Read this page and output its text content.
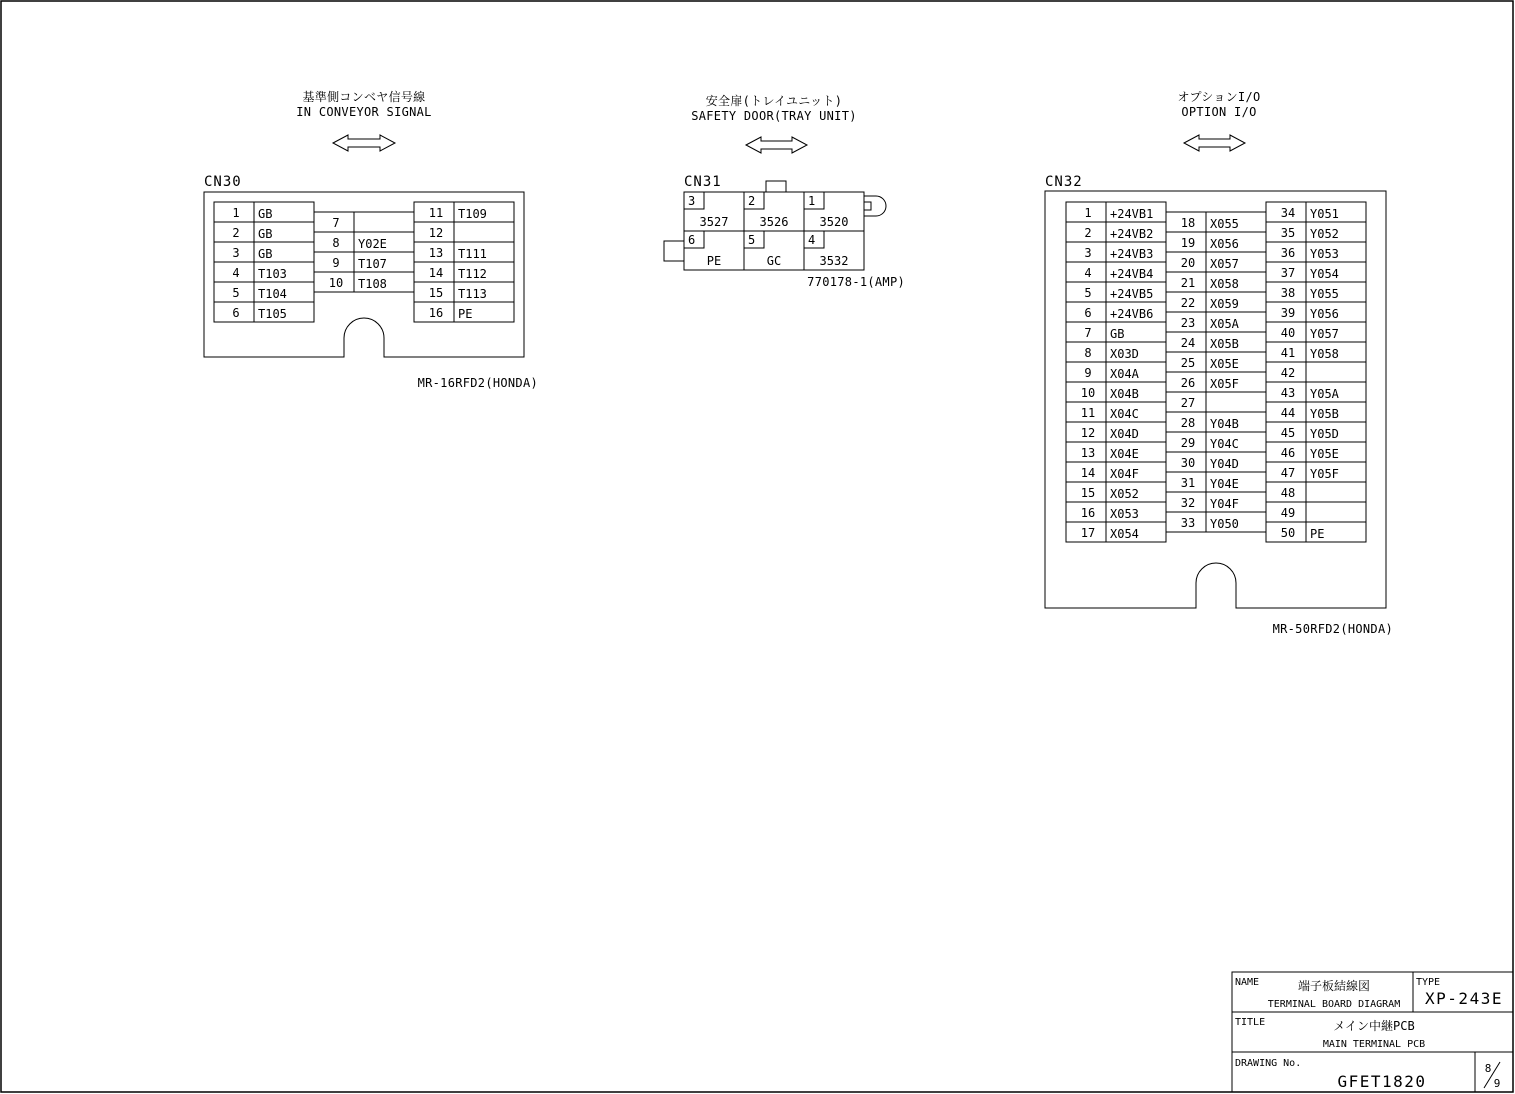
基準側コンベヤ信号線
IN CONVEYOR SIGNAL
CN30
1 GB
2 GB
3 GB
4 T103
5 T104
6 T105
7
8 Y02E
9 T107
10 T108
11 T109
12
13 T111
14 T112
15 T113
16 PE
MR-16RFD2(HONDA)
安全扉(トレイユニット)
SAFETY DOOR(TRAY UNIT)
CN31
3
3527
2
3526
1
3520
6
PE
5
GC
4
3532
770178-1(AMP)
オプションI/O
OPTION I/O
CN32
1 +24VB1
2 +24VB2
3 +24VB3
4 +24VB4
5 +24VB5
6 +24VB6
7 GB
8 X03D
9 X04A
10 X04B
11 X04C
12 X04D
13 X04E
14 X04F
15 X052
16 X053
17 X054
18 X055
19 X056
20 X057
21 X058
22 X059
23 X05A
24 X05B
25 X05E
26 X05F
27
28 Y04B
29 Y04C
30 Y04D
31 Y04E
32 Y04F
33 Y050
34 Y051
35 Y052
36 Y053
37 Y054
38 Y055
39 Y056
40 Y057
41 Y058
42
43 Y05A
44 Y05B
45 Y05D
46 Y05E
47 Y05F
48
49
50 PE
MR-50RFD2(HONDA)
NAME	端子板結線図
TERMINAL BOARD DIAGRAM
TYPE
XP-243E
TITLE	メイン中継PCB
MAIN TERMINAL PCB
DRAWING No.
GFET1820
8
9
